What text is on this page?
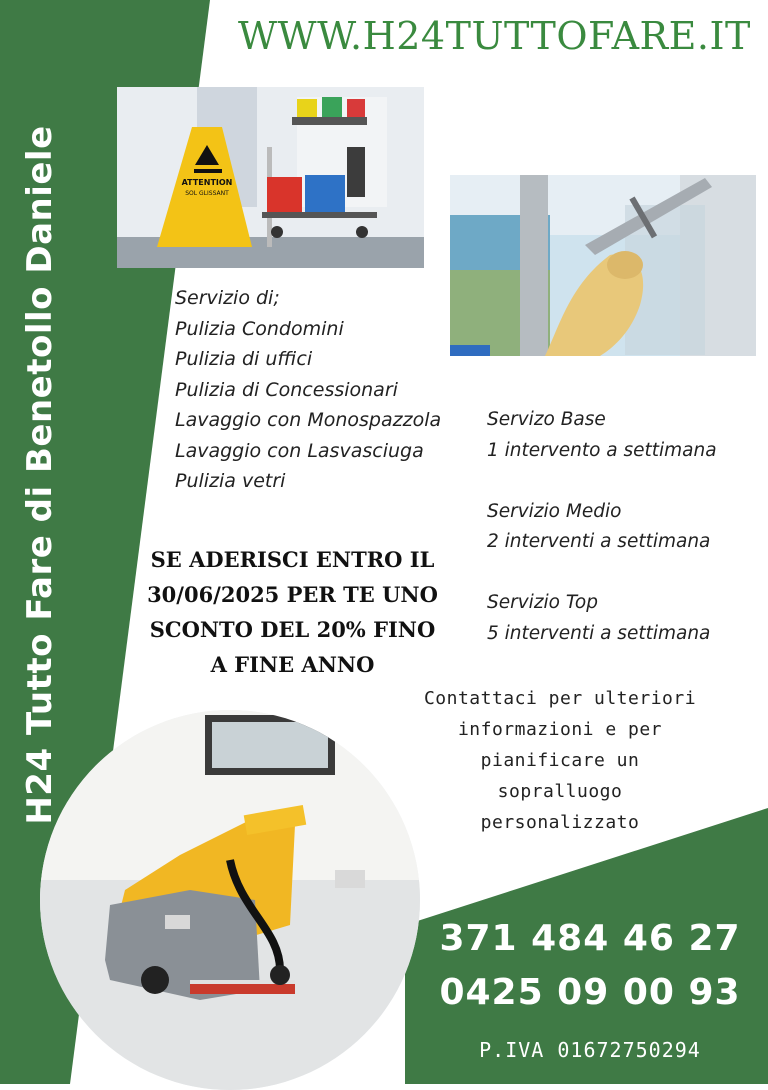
H24 Tutto Fare di Benetollo Daniele
WWW.H24TUTTOFARE.IT
ATTENTION
SOL GLISSANT
Servizio di;
Pulizia Condomini
Pulizia di uffici
Pulizia di Concessionari
Lavaggio con Monospazzola
Lavaggio con Lasvasciuga
Pulizia vetri
Servizo Base
1 intervento a settimana
Servizio Medio
2 interventi a settimana
Servizio Top
5 interventi a settimana
SE ADERISCI ENTRO IL
30/06/2025 PER TE UNO
SCONTO DEL 20% FINO
A FINE ANNO
Contattaci per ulteriori
informazioni e per
pianificare un
sopralluogo
personalizzato
371 484 46 27
0425 09 00 93
P.IVA 01672750294
